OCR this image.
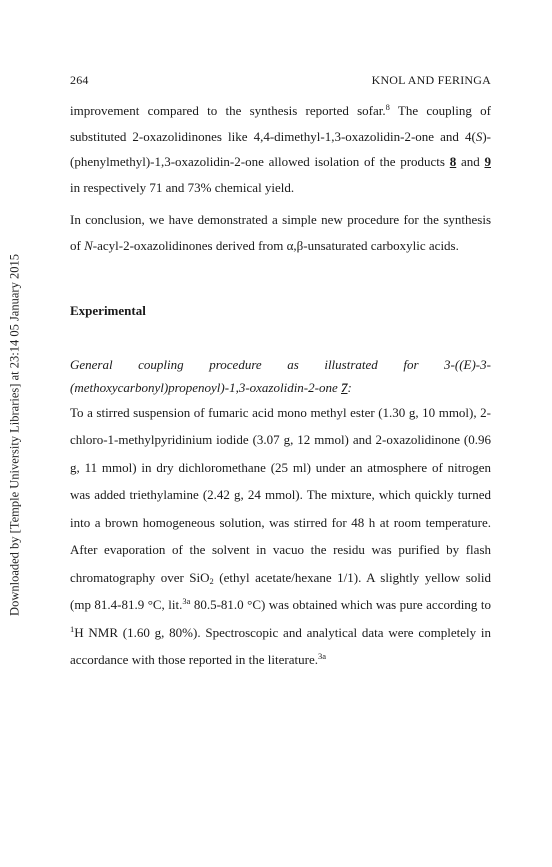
Downloaded by [Temple University Libraries] at 23:14 05 January 2015
264	KNOL AND FERINGA

improvement compared to the synthesis reported sofar.$^8$ The coupling of substituted 2-oxazolidinones like 4,4-dimethyl-1,3-oxazolidin-2-one and 4(S)-(phenylmethyl)-1,3-oxazolidin-2-one allowed isolation of the products 8 and 9 in respectively 71 and 73% chemical yield.

In conclusion, we have demonstrated a simple new procedure for the synthesis of N-acyl-2-oxazolidinones derived from α,β-unsaturated carboxylic acids.

Experimental
General coupling procedure as illustrated for 3-((E)-3-
(methoxycarbonyl)propenoyl)-1,3-oxazolidin-2-one 7:

To a stirred suspension of fumaric acid mono methyl ester (1.30 g, 10 mmol), 2-chloro-1-methylpyridinium iodide (3.07 g, 12 mmol) and 2-oxazolidinone (0.96 g, 11 mmol) in dry dichloromethane (25 ml) under an atmosphere of nitrogen was added triethylamine (2.42 g, 24 mmol). The mixture, which quickly turned into a brown homogeneous solution, was stirred for 48 h at room temperature. After evaporation of the solvent in vacuo the residu was purified by flash chromatography over SiO$_2$ (ethyl acetate/hexane 1/1). A slightly yellow solid (mp 81.4-81.9 °C, lit.$^{3a}$ 80.5-81.0 °C) was obtained which was pure according to $^1$H NMR (1.60 g, 80%). Spectroscopic and analytical data were completely in accordance with those reported in the literature.$^{3a}$
